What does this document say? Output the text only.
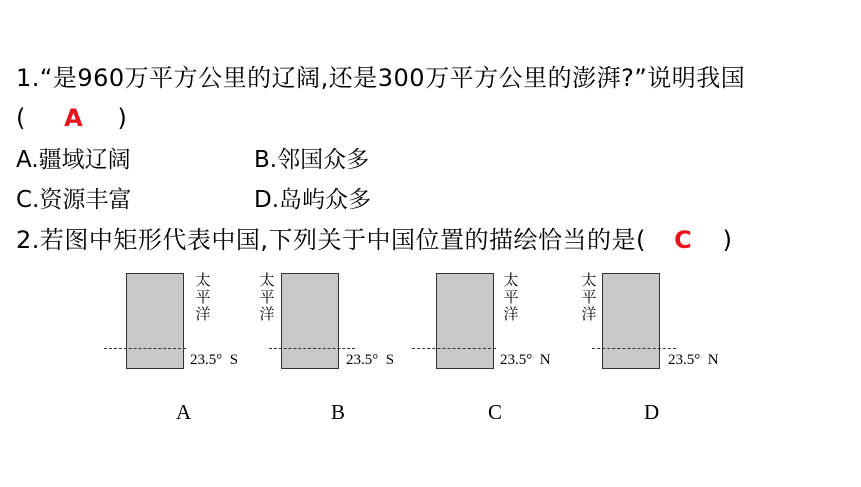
1.“是960万平方公里的辽阔,还是300万平方公里的澎湃?”说明我国
( A )
A.疆域辽阔	B.邻国众多
C.资源丰富	D.岛屿众多
2.若图中矩形代表中国,下列关于中国位置的描绘恰当的是( C )
太平洋
23.5° S
A
太平洋
23.5° S
B
太平洋
23.5° N
C
太平洋
23.5° N
D
